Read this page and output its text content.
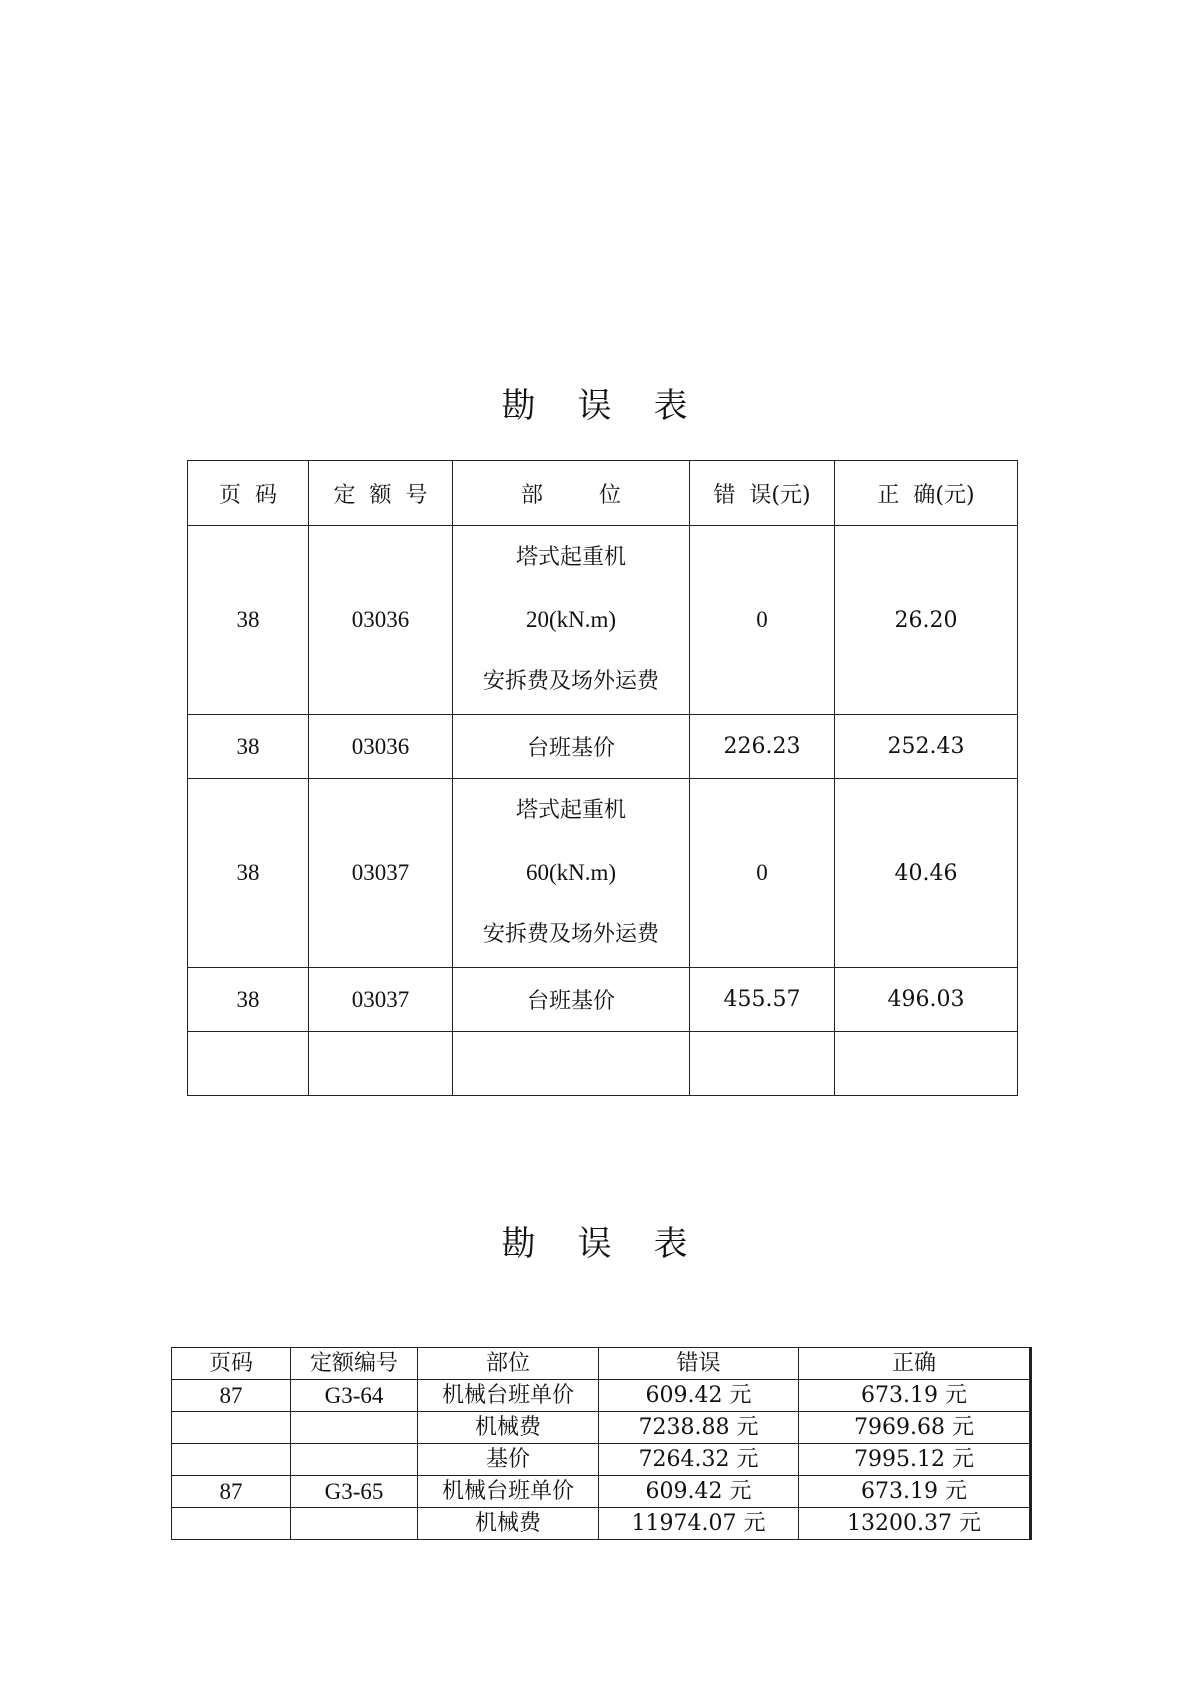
勘 误 表
页  码	定  额  号	部        位	错  误(元)	正  确(元)
38	03036	塔式起重机
20(kN.m)
安拆费及场外运费	0	26.20
38	03036	台班基价	226.23	252.43
38	03037	塔式起重机
60(kN.m)
安拆费及场外运费	0	40.46
38	03037	台班基价	455.57	496.03

勘 误 表
页码	定额编号	部位	错误	正确
87	G3-64	机械台班单价	609.42 元	673.19 元
		机械费	7238.88 元	7969.68 元
		基价	7264.32 元	7995.12 元
87	G3-65	机械台班单价	609.42 元	673.19 元
		机械费	11974.07 元	13200.37 元
